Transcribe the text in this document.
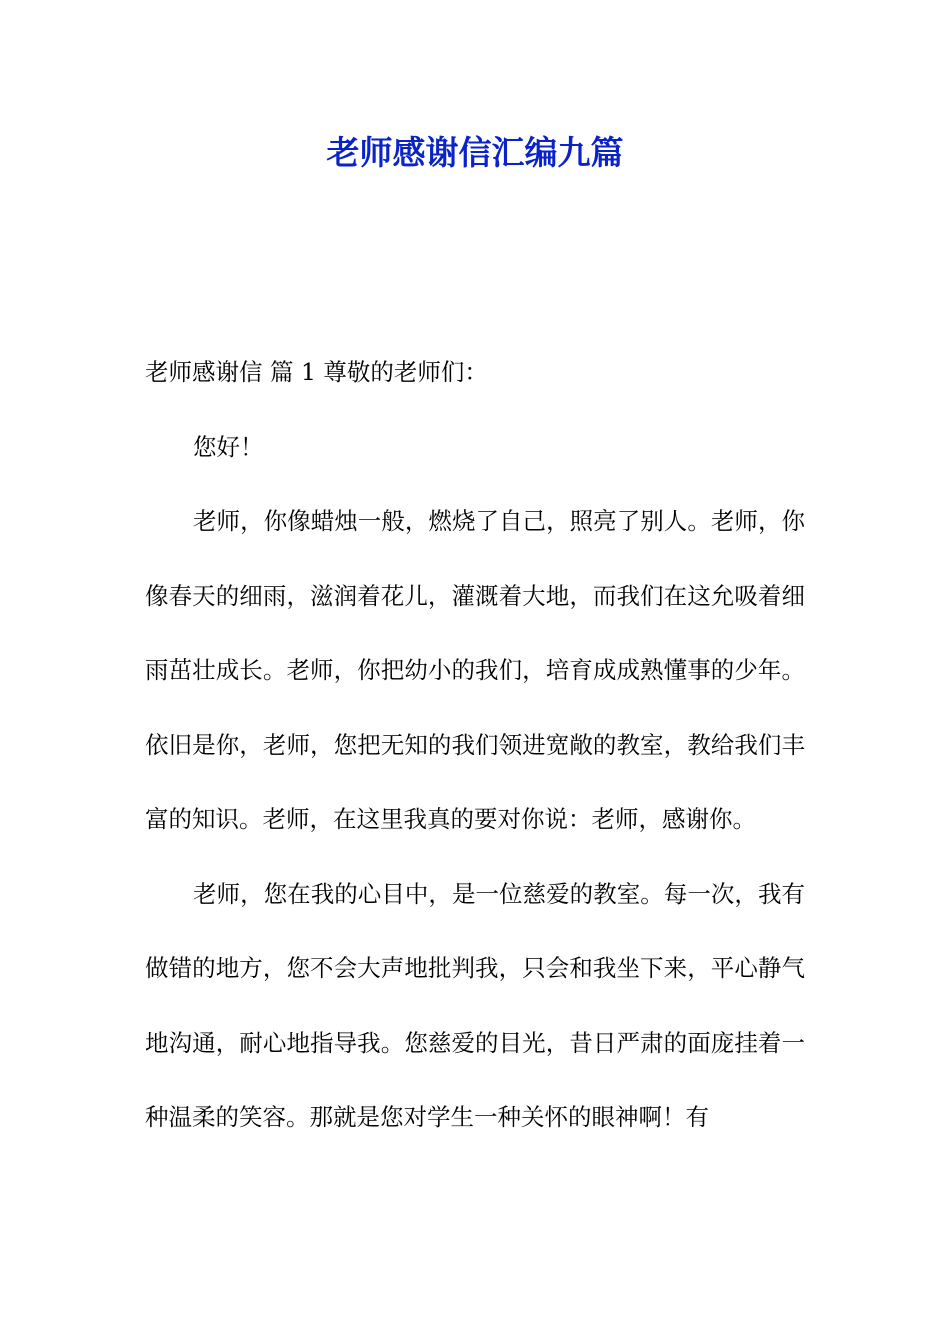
老师感谢信汇编九篇

老师感谢信 篇 1 尊敬的老师们：

您好！

老师，你像蜡烛一般，燃烧了自己，照亮了别人。老师，你像春天的细雨，滋润着花儿，灌溉着大地，而我们在这允吸着细雨茁壮成长。老师，你把幼小的我们，培育成成熟懂事的少年。依旧是你，老师，您把无知的我们领进宽敞的教室，教给我们丰富的知识。老师，在这里我真的要对你说：老师，感谢你。

老师，您在我的心目中，是一位慈爱的教室。每一次，我有做错的地方，您不会大声地批判我，只会和我坐下来，平心静气地沟通，耐心地指导我。您慈爱的目光，昔日严肃的面庞挂着一种温柔的笑容。那就是您对学生一种关怀的眼神啊！有
